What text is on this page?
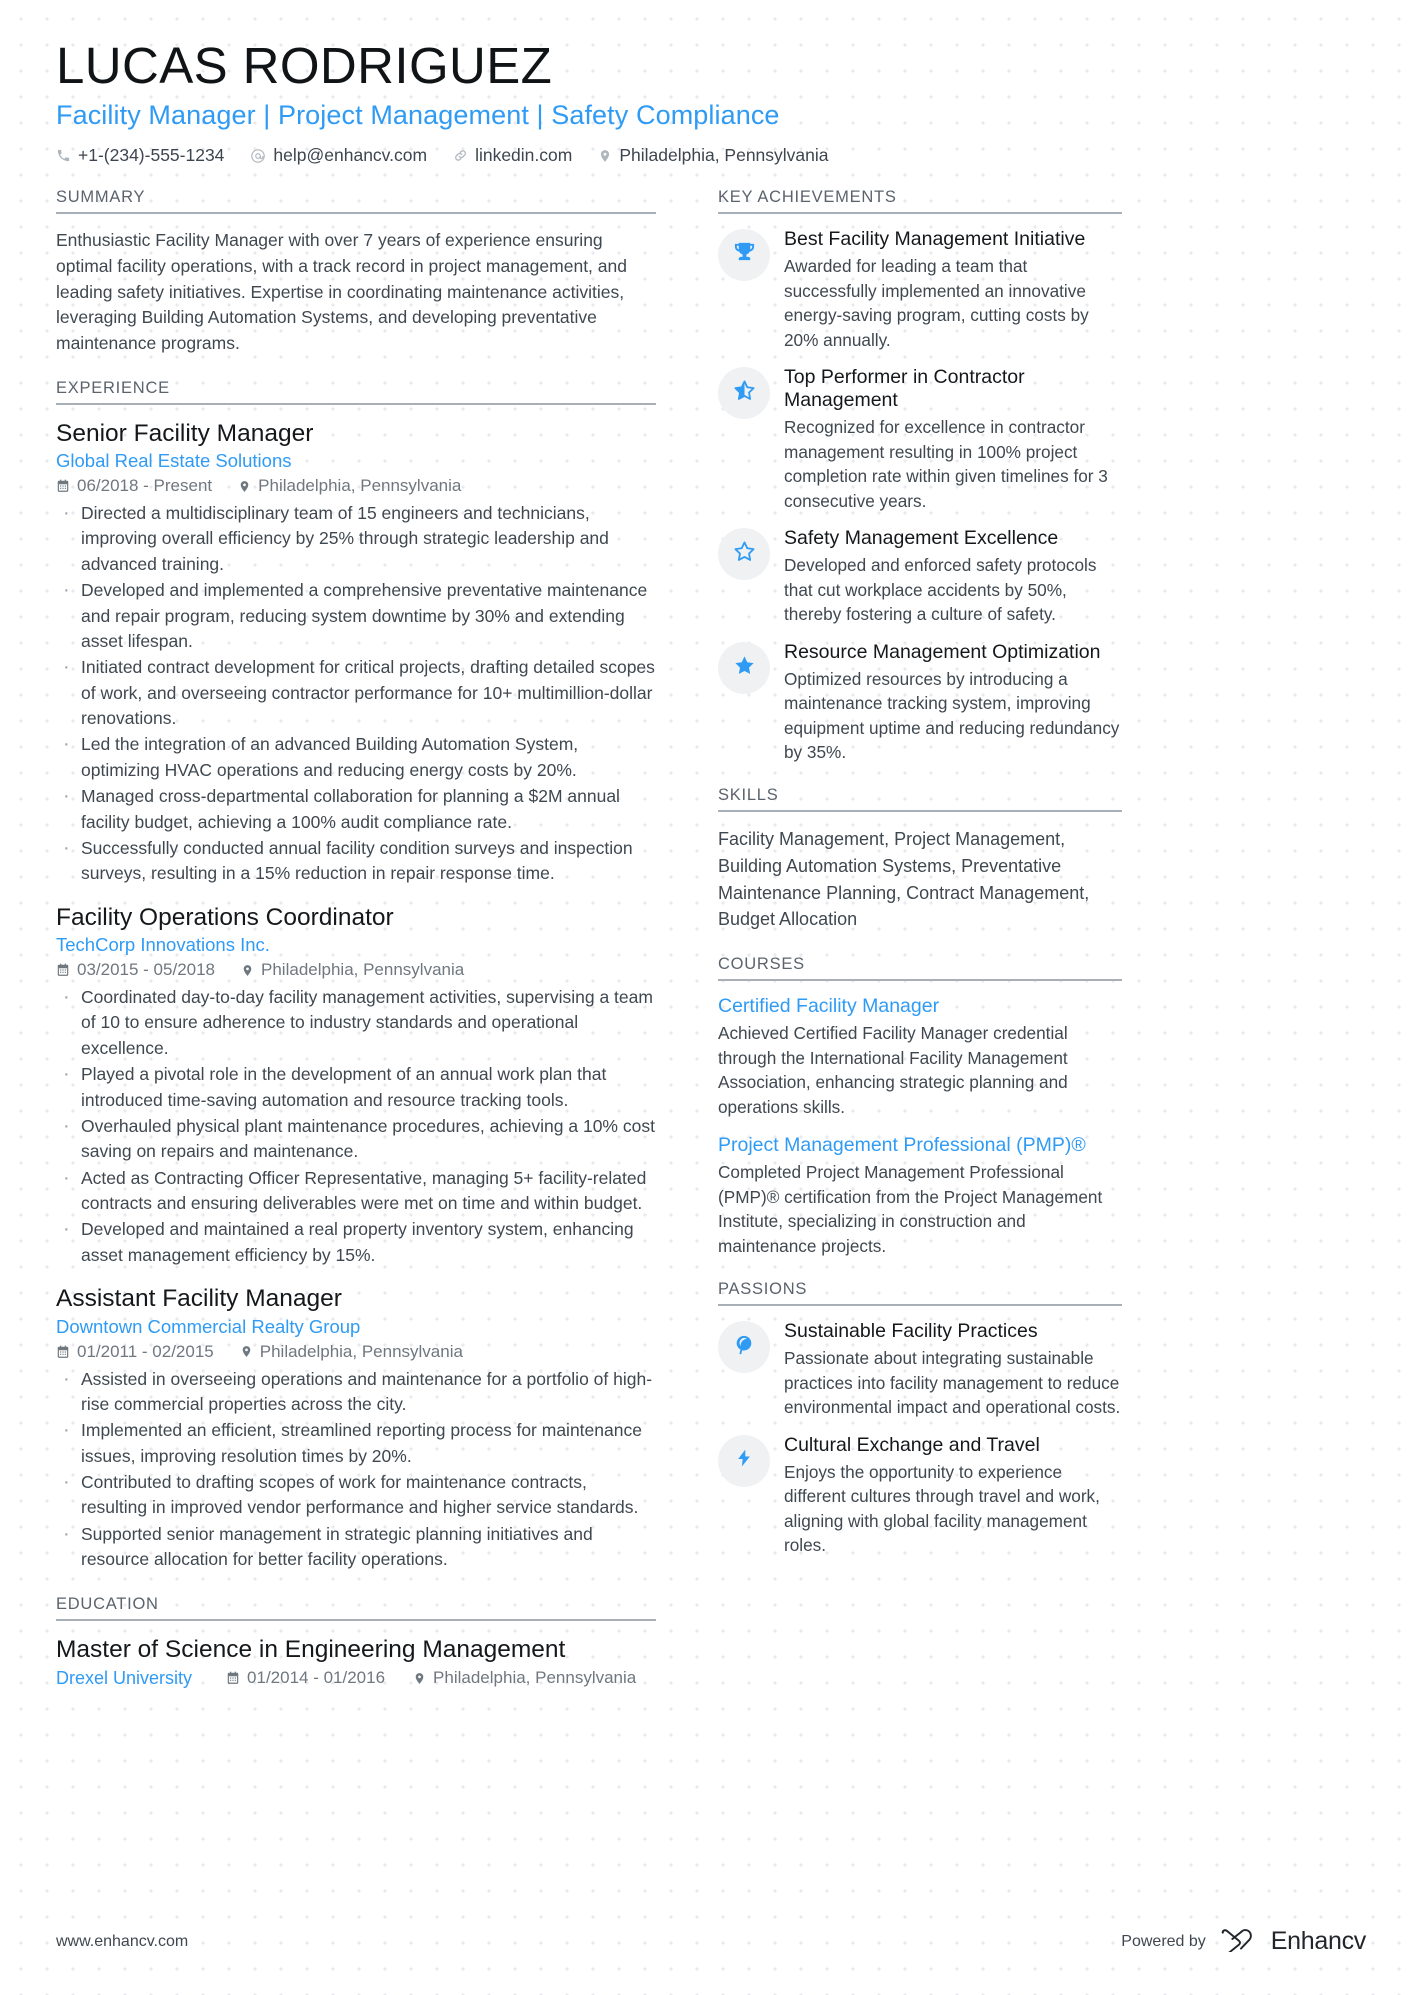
LUCAS RODRIGUEZ
Facility Manager | Project Management | Safety Compliance
+1-(234)-555-1234	help@enhancv.com	linkedin.com	Philadelphia, Pennsylvania
SUMMARY
Enthusiastic Facility Manager with over 7 years of experience ensuring optimal facility operations, with a track record in project management, and leading safety initiatives. Expertise in coordinating maintenance activities, leveraging Building Automation Systems, and developing preventative maintenance programs.
EXPERIENCE
Senior Facility Manager
Global Real Estate Solutions
06/2018 - Present	Philadelphia, Pennsylvania
· Directed a multidisciplinary team of 15 engineers and technicians, improving overall efficiency by 25% through strategic leadership and advanced training.
· Developed and implemented a comprehensive preventative maintenance and repair program, reducing system downtime by 30% and extending asset lifespan.
· Initiated contract development for critical projects, drafting detailed scopes of work, and overseeing contractor performance for 10+ multimillion-dollar renovations.
· Led the integration of an advanced Building Automation System, optimizing HVAC operations and reducing energy costs by 20%.
· Managed cross-departmental collaboration for planning a $2M annual facility budget, achieving a 100% audit compliance rate.
· Successfully conducted annual facility condition surveys and inspection surveys, resulting in a 15% reduction in repair response time.
Facility Operations Coordinator
TechCorp Innovations Inc.
03/2015 - 05/2018	Philadelphia, Pennsylvania
· Coordinated day-to-day facility management activities, supervising a team of 10 to ensure adherence to industry standards and operational excellence.
· Played a pivotal role in the development of an annual work plan that introduced time-saving automation and resource tracking tools.
· Overhauled physical plant maintenance procedures, achieving a 10% cost saving on repairs and maintenance.
· Acted as Contracting Officer Representative, managing 5+ facility-related contracts and ensuring deliverables were met on time and within budget.
· Developed and maintained a real property inventory system, enhancing asset management efficiency by 15%.
Assistant Facility Manager
Downtown Commercial Realty Group
01/2011 - 02/2015	Philadelphia, Pennsylvania
· Assisted in overseeing operations and maintenance for a portfolio of high-rise commercial properties across the city.
· Implemented an efficient, streamlined reporting process for maintenance issues, improving resolution times by 20%.
· Contributed to drafting scopes of work for maintenance contracts, resulting in improved vendor performance and higher service standards.
· Supported senior management in strategic planning initiatives and resource allocation for better facility operations.
EDUCATION
Master of Science in Engineering Management
Drexel University	01/2014 - 01/2016	Philadelphia, Pennsylvania
KEY ACHIEVEMENTS
Best Facility Management Initiative
Awarded for leading a team that successfully implemented an innovative energy-saving program, cutting costs by 20% annually.
Top Performer in Contractor Management
Recognized for excellence in contractor management resulting in 100% project completion rate within given timelines for 3 consecutive years.
Safety Management Excellence
Developed and enforced safety protocols that cut workplace accidents by 50%, thereby fostering a culture of safety.
Resource Management Optimization
Optimized resources by introducing a maintenance tracking system, improving equipment uptime and reducing redundancy by 35%.
SKILLS
Facility Management, Project Management, Building Automation Systems, Preventative Maintenance Planning, Contract Management, Budget Allocation
COURSES
Certified Facility Manager
Achieved Certified Facility Manager credential through the International Facility Management Association, enhancing strategic planning and operations skills.
Project Management Professional (PMP)®
Completed Project Management Professional (PMP)® certification from the Project Management Institute, specializing in construction and maintenance projects.
PASSIONS
Sustainable Facility Practices
Passionate about integrating sustainable practices into facility management to reduce environmental impact and operational costs.
Cultural Exchange and Travel
Enjoys the opportunity to experience different cultures through travel and work, aligning with global facility management roles.
www.enhancv.com	Powered by	Enhancv
